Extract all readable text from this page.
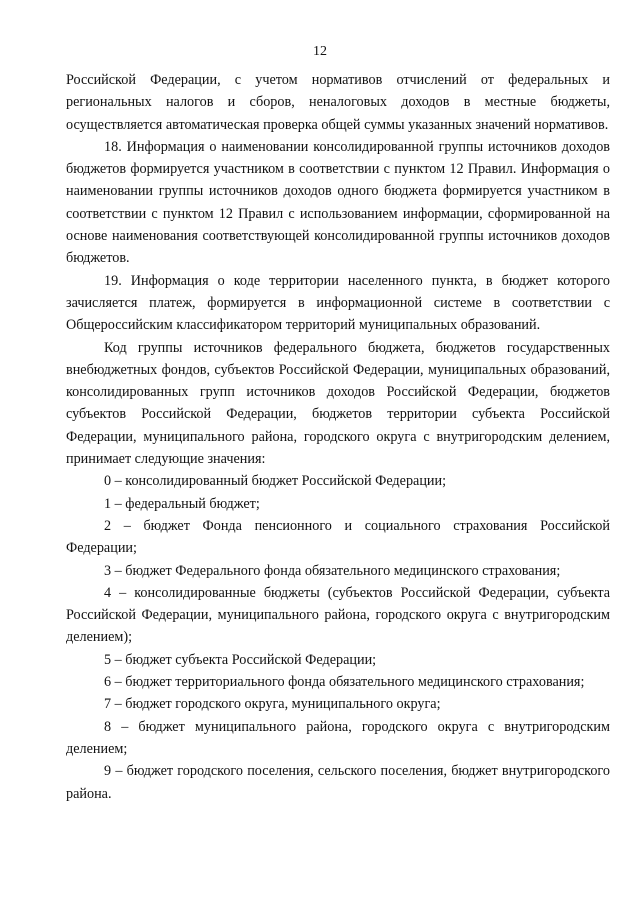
12

Российской Федерации, с учетом нормативов отчислений от федеральных и региональных налогов и сборов, неналоговых доходов в местные бюджеты, осуществляется автоматическая проверка общей суммы указанных значений нормативов.

18. Информация о наименовании консолидированной группы источников доходов бюджетов формируется участником в соответствии с пунктом 12 Правил. Информация о наименовании группы источников доходов одного бюджета формируется участником в соответствии с пунктом 12 Правил с использованием информации, сформированной на основе наименования соответствующей консолидированной группы источников доходов бюджетов.

19. Информация о коде территории населенного пункта, в бюджет которого зачисляется платеж, формируется в информационной системе в соответствии с Общероссийским классификатором территорий муниципальных образований.

Код группы источников федерального бюджета, бюджетов государственных внебюджетных фондов, субъектов Российской Федерации, муниципальных образований, консолидированных групп источников доходов Российской Федерации, бюджетов субъектов Российской Федерации, бюджетов территории субъекта Российской Федерации, муниципального района, городского округа с внутригородским делением, принимает следующие значения:

0 – консолидированный бюджет Российской Федерации;

1 – федеральный бюджет;

2 – бюджет Фонда пенсионного и социального страхования Российской Федерации;

3 – бюджет Федерального фонда обязательного медицинского страхования;

4 – консолидированные бюджеты (субъектов Российской Федерации, субъекта Российской Федерации, муниципального района, городского округа с внутригородским делением);

5 – бюджет субъекта Российской Федерации;

6 – бюджет территориального фонда обязательного медицинского страхования;

7 – бюджет городского округа, муниципального округа;

8 – бюджет муниципального района, городского округа с внутригородским делением;

9 – бюджет городского поселения, сельского поселения, бюджет внутригородского района.
